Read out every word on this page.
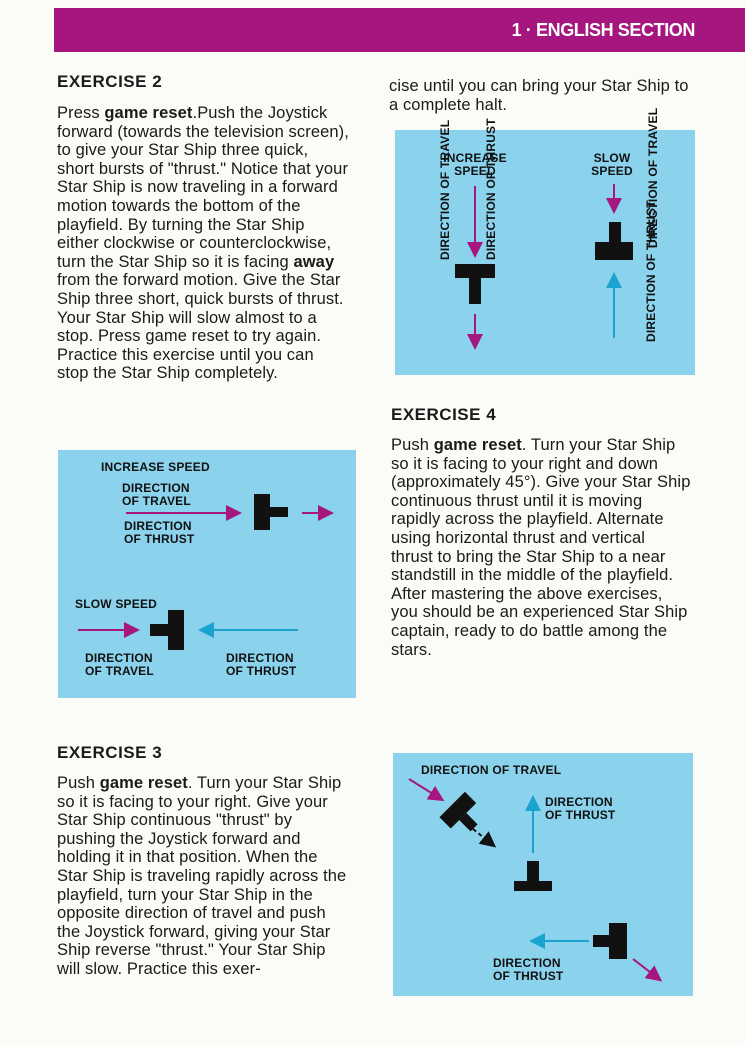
1 · ENGLISH SECTION

EXERCISE 2

Press game reset.Push the Joystick forward (towards the television screen), to give your Star Ship three quick, short bursts of "thrust." Notice that your Star Ship is now traveling in a forward motion towards the bottom of the playfield. By turning the Star Ship either clockwise or counterclockwise, turn the Star Ship so it is facing away from the forward motion. Give the Star Ship three short, quick bursts of thrust. Your Star Ship will slow almost to a stop. Press game reset to try again. Practice this exercise until you can stop the Star Ship completely.

INCREASE SPEED
DIRECTION OF TRAVEL
DIRECTION OF THRUST
SLOW SPEED
DIRECTION OF TRAVEL
DIRECTION OF THRUST

EXERCISE 3

Push game reset. Turn your Star Ship so it is facing to your right. Give your Star Ship continuous "thrust" by pushing the Joystick forward and holding it in that position. When the Star Ship is traveling rapidly across the playfield, turn your Star Ship in the opposite direction of travel and push the Joystick forward, giving your Star Ship reverse "thrust." Your Star Ship will slow. Practice this exer-

cise until you can bring your Star Ship to a complete halt.

INCREASE SPEED
SLOW SPEED
DIRECTION OF TRAVEL	DIRECTION OF THRUST	DIRECTION OF TRAVEL
DIRECTION OF THRUST

EXERCISE 4

Push game reset. Turn your Star Ship so it is facing to your right and down (approximately 45°). Give your Star Ship continuous thrust until it is moving rapidly across the playfield. Alternate using horizontal thrust and vertical thrust to bring the Star Ship to a near standstill in the middle of the playfield. After mastering the above exercises, you should be an experienced Star Ship captain, ready to do battle among the stars.

DIRECTION OF TRAVEL
DIRECTION OF THRUST
DIRECTION OF THRUST
